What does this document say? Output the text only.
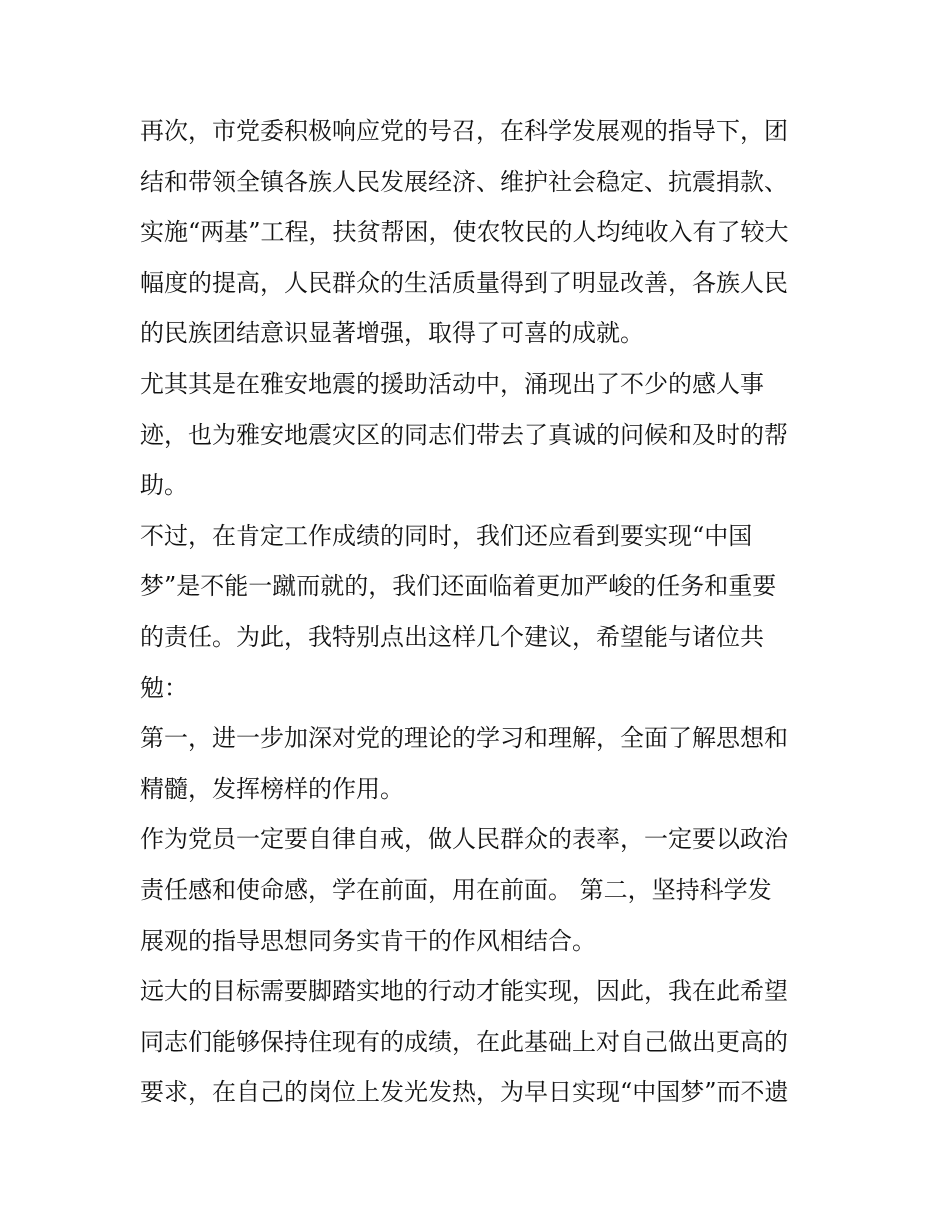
再次，市党委积极响应党的号召，在科学发展观的指导下，团
结和带领全镇各族人民发展经济、维护社会稳定、抗震捐款、
实施“两基”工程，扶贫帮困，使农牧民的人均纯收入有了较大
幅度的提高，人民群众的生活质量得到了明显改善，各族人民
的民族团结意识显著增强，取得了可喜的成就。
尤其其是在雅安地震的援助活动中，涌现出了不少的感人事
迹，也为雅安地震灾区的同志们带去了真诚的问候和及时的帮
助。
不过，在肯定工作成绩的同时，我们还应看到要实现“中国
梦”是不能一蹴而就的，我们还面临着更加严峻的任务和重要
的责任。为此，我特别点出这样几个建议，希望能与诸位共
勉：
第一，进一步加深对党的理论的学习和理解，全面了解思想和
精髓，发挥榜样的作用。
作为党员一定要自律自戒，做人民群众的表率，一定要以政治
责任感和使命感，学在前面，用在前面。 第二，坚持科学发
展观的指导思想同务实肯干的作风相结合。
远大的目标需要脚踏实地的行动才能实现，因此，我在此希望
同志们能够保持住现有的成绩，在此基础上对自己做出更高的
要求，在自己的岗位上发光发热，为早日实现“中国梦”而不遗
